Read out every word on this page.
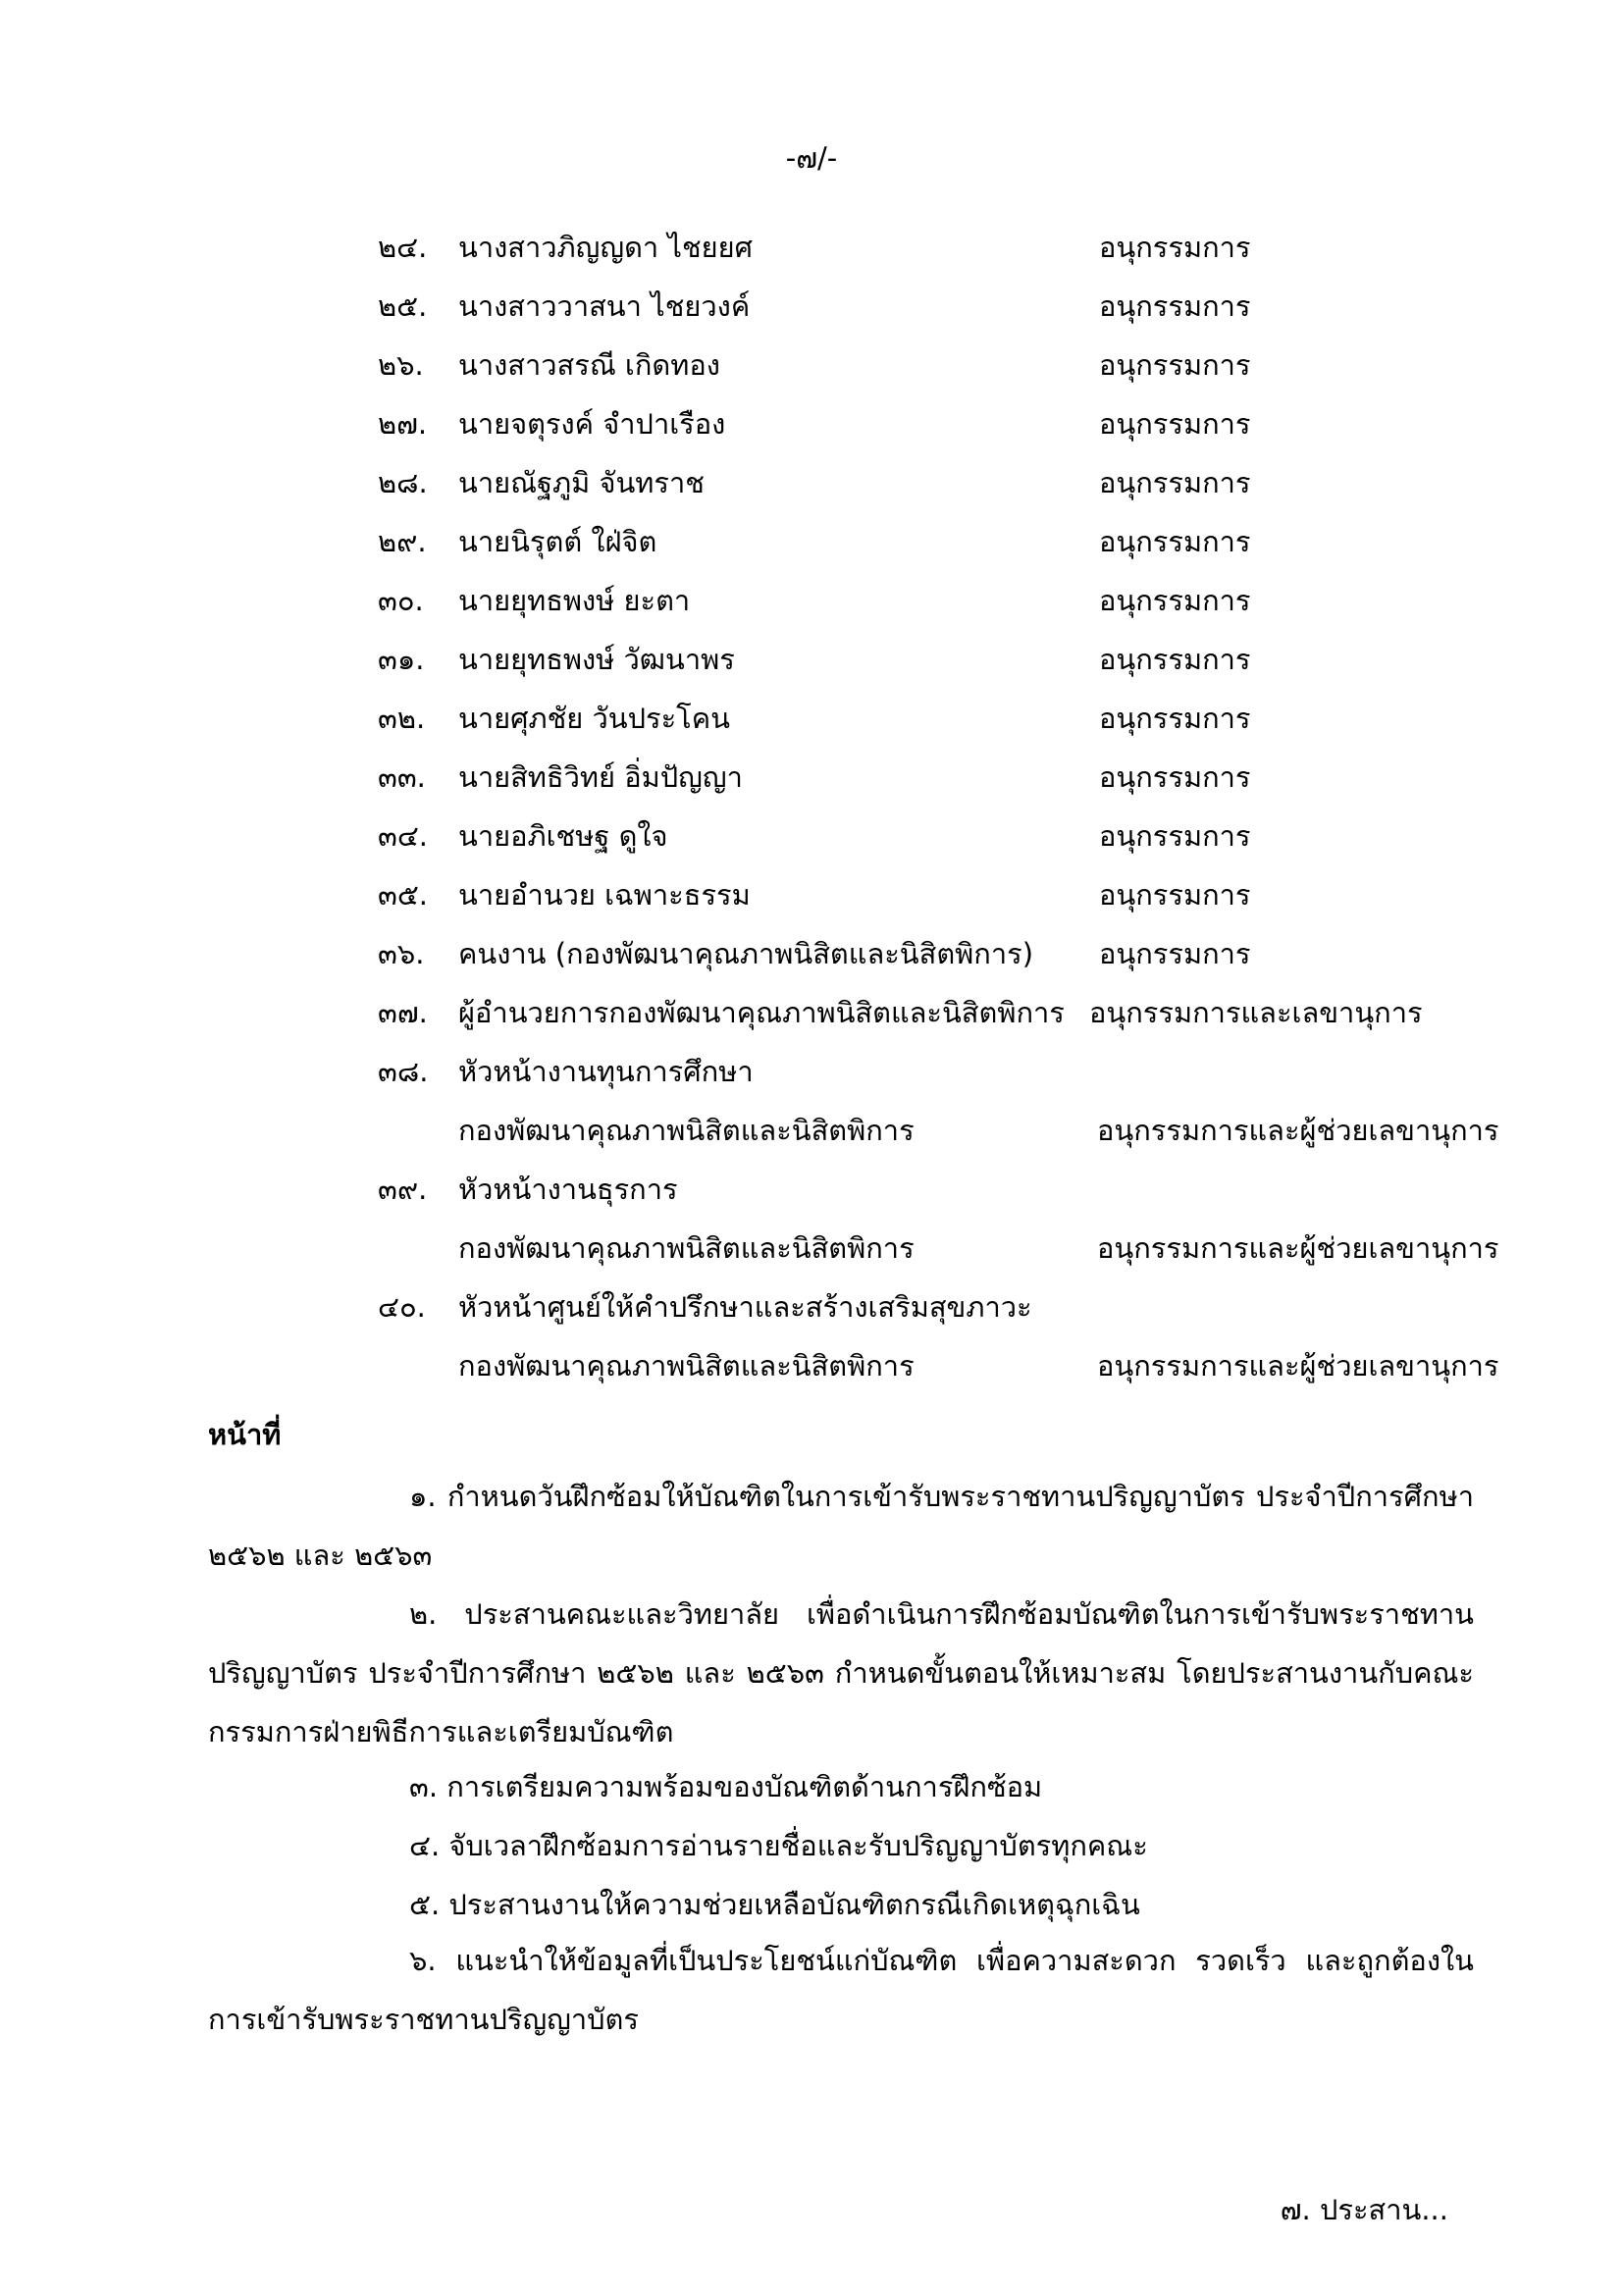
-๗/-
๒๔. นางสาวภิญญดา ไชยยศ	อนุกรรมการ
๒๕. นางสาววาสนา ไชยวงค์	อนุกรรมการ
๒๖. นางสาวสรณี เกิดทอง	อนุกรรมการ
๒๗. นายจตุรงค์ จำปาเรือง	อนุกรรมการ
๒๘. นายณัฐภูมิ จันทราช	อนุกรรมการ
๒๙. นายนิรุตต์ ใฝ่จิต	อนุกรรมการ
๓๐. นายยุทธพงษ์ ยะตา	อนุกรรมการ
๓๑. นายยุทธพงษ์ วัฒนาพร	อนุกรรมการ
๓๒. นายศุภชัย วันประโคน	อนุกรรมการ
๓๓. นายสิทธิวิทย์ อิ่มปัญญา	อนุกรรมการ
๓๔. นายอภิเชษฐ ดูใจ	อนุกรรมการ
๓๕. นายอำนวย เฉพาะธรรม	อนุกรรมการ
๓๖. คนงาน (กองพัฒนาคุณภาพนิสิตและนิสิตพิการ) อนุกรรมการ
๓๗. ผู้อำนวยการกองพัฒนาคุณภาพนิสิตและนิสิตพิการ อนุกรรมการและเลขานุการ
๓๘. หัวหน้างานทุนการศึกษา
กองพัฒนาคุณภาพนิสิตและนิสิตพิการ	อนุกรรมการและผู้ช่วยเลขานุการ
๓๙. หัวหน้างานธุรการ
กองพัฒนาคุณภาพนิสิตและนิสิตพิการ	อนุกรรมการและผู้ช่วยเลขานุการ
๔๐. หัวหน้าศูนย์ให้คำปรึกษาและสร้างเสริมสุขภาวะ
กองพัฒนาคุณภาพนิสิตและนิสิตพิการ	อนุกรรมการและผู้ช่วยเลขานุการ
หน้าที่
๑. กำหนดวันฝึกซ้อมให้บัณฑิตในการเข้ารับพระราชทานปริญญาบัตร ประจำปีการศึกษา ๒๕๖๒ และ ๒๕๖๓
๒. ประสานคณะและวิทยาลัย เพื่อดำเนินการฝึกซ้อมบัณฑิตในการเข้ารับพระราชทานปริญญาบัตร ประจำปีการศึกษา ๒๕๖๒ และ ๒๕๖๓ กำหนดขั้นตอนให้เหมาะสม โดยประสานงานกับคณะกรรมการฝ่ายพิธีการและเตรียมบัณฑิต
๓. การเตรียมความพร้อมของบัณฑิตด้านการฝึกซ้อม
๔. จับเวลาฝึกซ้อมการอ่านรายชื่อและรับปริญญาบัตรทุกคณะ
๕. ประสานงานให้ความช่วยเหลือบัณฑิตกรณีเกิดเหตุฉุกเฉิน
๖. แนะนำให้ข้อมูลที่เป็นประโยชน์แก่บัณฑิต เพื่อความสะดวก รวดเร็ว และถูกต้องในการเข้ารับพระราชทานปริญญาบัตร
๗. ประสาน...
